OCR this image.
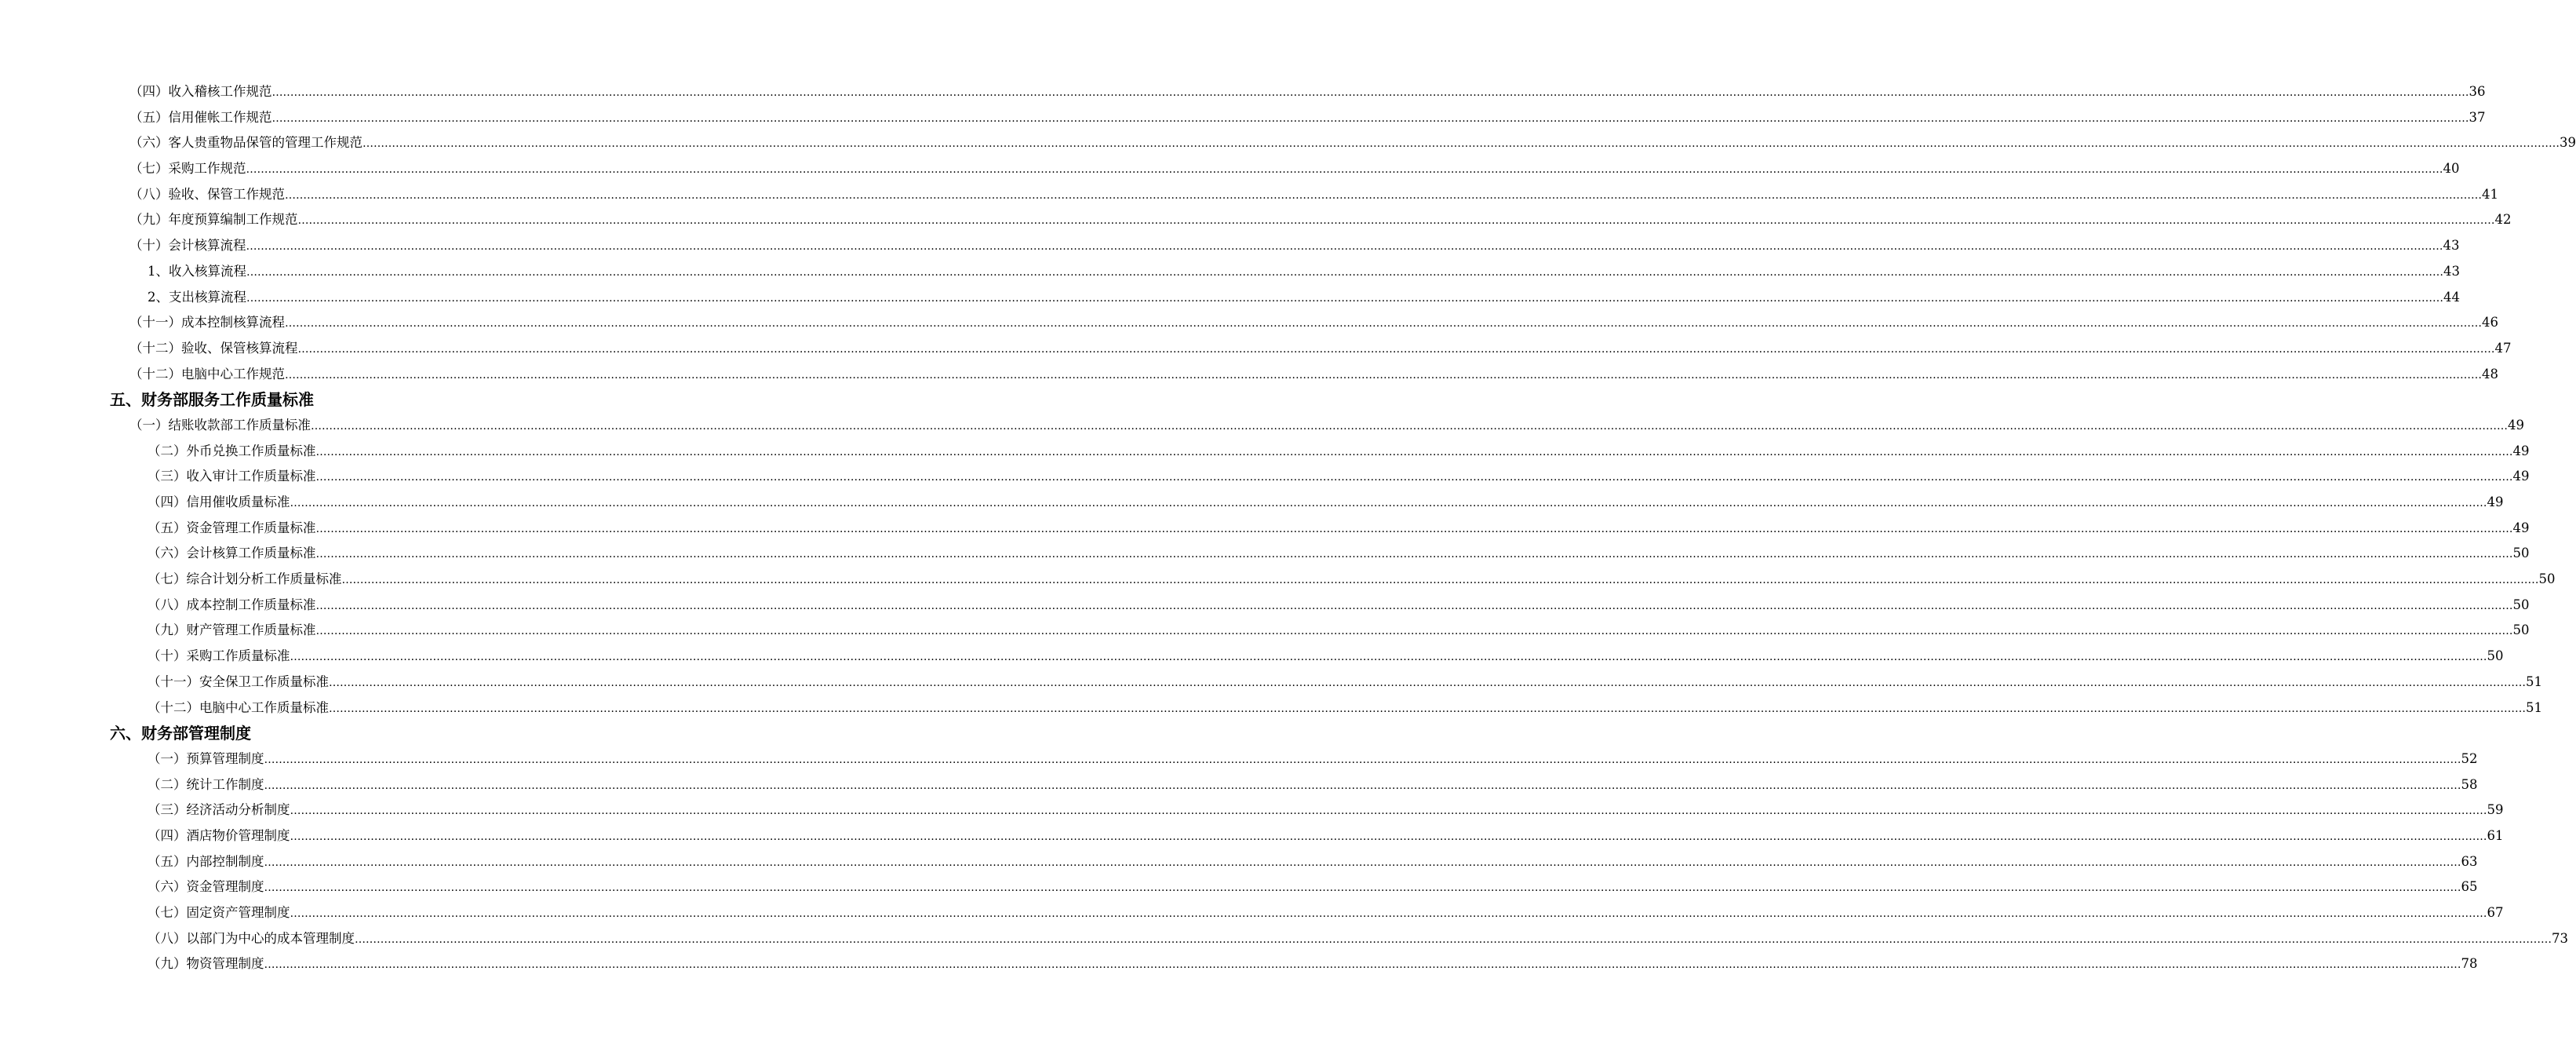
（四）收入稽核工作规范 …………………………………………………………………………………………………………………………………………………………………………………………………………………………………………………………………………………………………………………………………………………………………………………………………………………………………………………………………………………………………………………………………………………… 36
（五）信用催帐工作规范 …………………………………………………………………………………………………………………………………………………………………………………………………………………………………………………………………………………………………………………………………………………………………………………………………………………………………………………………………………………………………………………………………………………… 37
（六）客人贵重物品保管的管理工作规范 …………………………………………………………………………………………………………………………………………………………………………………………………………………………………………………………………………………………………………………………………………………………………………………………………………………………………………………………………………………………………………………………………………………… 39
（七）采购工作规范 …………………………………………………………………………………………………………………………………………………………………………………………………………………………………………………………………………………………………………………………………………………………………………………………………………………………………………………………………………………………………………………………………………………… 40
（八）验收、保管工作规范 …………………………………………………………………………………………………………………………………………………………………………………………………………………………………………………………………………………………………………………………………………………………………………………………………………………………………………………………………………………………………………………………………………………… 41
（九）年度预算编制工作规范 …………………………………………………………………………………………………………………………………………………………………………………………………………………………………………………………………………………………………………………………………………………………………………………………………………………………………………………………………………………………………………………………………………………… 42
（十）会计核算流程 …………………………………………………………………………………………………………………………………………………………………………………………………………………………………………………………………………………………………………………………………………………………………………………………………………………………………………………………………………………………………………………………………………………… 43
1、收入核算流程 …………………………………………………………………………………………………………………………………………………………………………………………………………………………………………………………………………………………………………………………………………………………………………………………………………………………………………………………………………………………………………………………………………………… 43
2、支出核算流程 …………………………………………………………………………………………………………………………………………………………………………………………………………………………………………………………………………………………………………………………………………………………………………………………………………………………………………………………………………………………………………………………………………………… 44
（十一）成本控制核算流程 …………………………………………………………………………………………………………………………………………………………………………………………………………………………………………………………………………………………………………………………………………………………………………………………………………………………………………………………………………………………………………………………………………………… 46
（十二）验收、保管核算流程 …………………………………………………………………………………………………………………………………………………………………………………………………………………………………………………………………………………………………………………………………………………………………………………………………………………………………………………………………………………………………………………………………………………… 47
（十二）电脑中心工作规范 …………………………………………………………………………………………………………………………………………………………………………………………………………………………………………………………………………………………………………………………………………………………………………………………………………………………………………………………………………………………………………………………………………………… 48
五、财务部服务工作质量标准
（一）结账收款部工作质量标准 …………………………………………………………………………………………………………………………………………………………………………………………………………………………………………………………………………………………………………………………………………………………………………………………………………………………………………………………………………………………………………………………………………………… 49
（二）外币兑换工作质量标准 …………………………………………………………………………………………………………………………………………………………………………………………………………………………………………………………………………………………………………………………………………………………………………………………………………………………………………………………………………………………………………………………………………………… 49
（三）收入审计工作质量标准 …………………………………………………………………………………………………………………………………………………………………………………………………………………………………………………………………………………………………………………………………………………………………………………………………………………………………………………………………………………………………………………………………………………… 49
（四）信用催收质量标准 …………………………………………………………………………………………………………………………………………………………………………………………………………………………………………………………………………………………………………………………………………………………………………………………………………………………………………………………………………………………………………………………………………………… 49
（五）资金管理工作质量标准 …………………………………………………………………………………………………………………………………………………………………………………………………………………………………………………………………………………………………………………………………………………………………………………………………………………………………………………………………………………………………………………………………………………… 49
（六）会计核算工作质量标准 …………………………………………………………………………………………………………………………………………………………………………………………………………………………………………………………………………………………………………………………………………………………………………………………………………………………………………………………………………………………………………………………………………………… 50
（七）综合计划分析工作质量标准 …………………………………………………………………………………………………………………………………………………………………………………………………………………………………………………………………………………………………………………………………………………………………………………………………………………………………………………………………………………………………………………………………………………… 50
（八）成本控制工作质量标准 …………………………………………………………………………………………………………………………………………………………………………………………………………………………………………………………………………………………………………………………………………………………………………………………………………………………………………………………………………………………………………………………………………………… 50
（九）财产管理工作质量标准 …………………………………………………………………………………………………………………………………………………………………………………………………………………………………………………………………………………………………………………………………………………………………………………………………………………………………………………………………………………………………………………………………………………… 50
（十）采购工作质量标准 …………………………………………………………………………………………………………………………………………………………………………………………………………………………………………………………………………………………………………………………………………………………………………………………………………………………………………………………………………………………………………………………………………………… 50
（十一）安全保卫工作质量标准 …………………………………………………………………………………………………………………………………………………………………………………………………………………………………………………………………………………………………………………………………………………………………………………………………………………………………………………………………………………………………………………………………………………… 51
（十二）电脑中心工作质量标准 …………………………………………………………………………………………………………………………………………………………………………………………………………………………………………………………………………………………………………………………………………………………………………………………………………………………………………………………………………………………………………………………………………………… 51
六、财务部管理制度
（一）预算管理制度 …………………………………………………………………………………………………………………………………………………………………………………………………………………………………………………………………………………………………………………………………………………………………………………………………………………………………………………………………………………………………………………………………………………… 52
（二）统计工作制度 …………………………………………………………………………………………………………………………………………………………………………………………………………………………………………………………………………………………………………………………………………………………………………………………………………………………………………………………………………………………………………………………………………………… 58
（三）经济活动分析制度 …………………………………………………………………………………………………………………………………………………………………………………………………………………………………………………………………………………………………………………………………………………………………………………………………………………………………………………………………………………………………………………………………………………… 59
（四）酒店物价管理制度 …………………………………………………………………………………………………………………………………………………………………………………………………………………………………………………………………………………………………………………………………………………………………………………………………………………………………………………………………………………………………………………………………………………… 61
（五）内部控制制度 …………………………………………………………………………………………………………………………………………………………………………………………………………………………………………………………………………………………………………………………………………………………………………………………………………………………………………………………………………………………………………………………………………………… 63
（六）资金管理制度 …………………………………………………………………………………………………………………………………………………………………………………………………………………………………………………………………………………………………………………………………………………………………………………………………………………………………………………………………………………………………………………………………………………… 65
（七）固定资产管理制度 …………………………………………………………………………………………………………………………………………………………………………………………………………………………………………………………………………………………………………………………………………………………………………………………………………………………………………………………………………………………………………………………………………………… 67
（八）以部门为中心的成本管理制度 …………………………………………………………………………………………………………………………………………………………………………………………………………………………………………………………………………………………………………………………………………………………………………………………………………………………………………………………………………………………………………………………………………………… 73
（九）物资管理制度 …………………………………………………………………………………………………………………………………………………………………………………………………………………………………………………………………………………………………………………………………………………………………………………………………………………………………………………………………………………………………………………………………………………… 78
